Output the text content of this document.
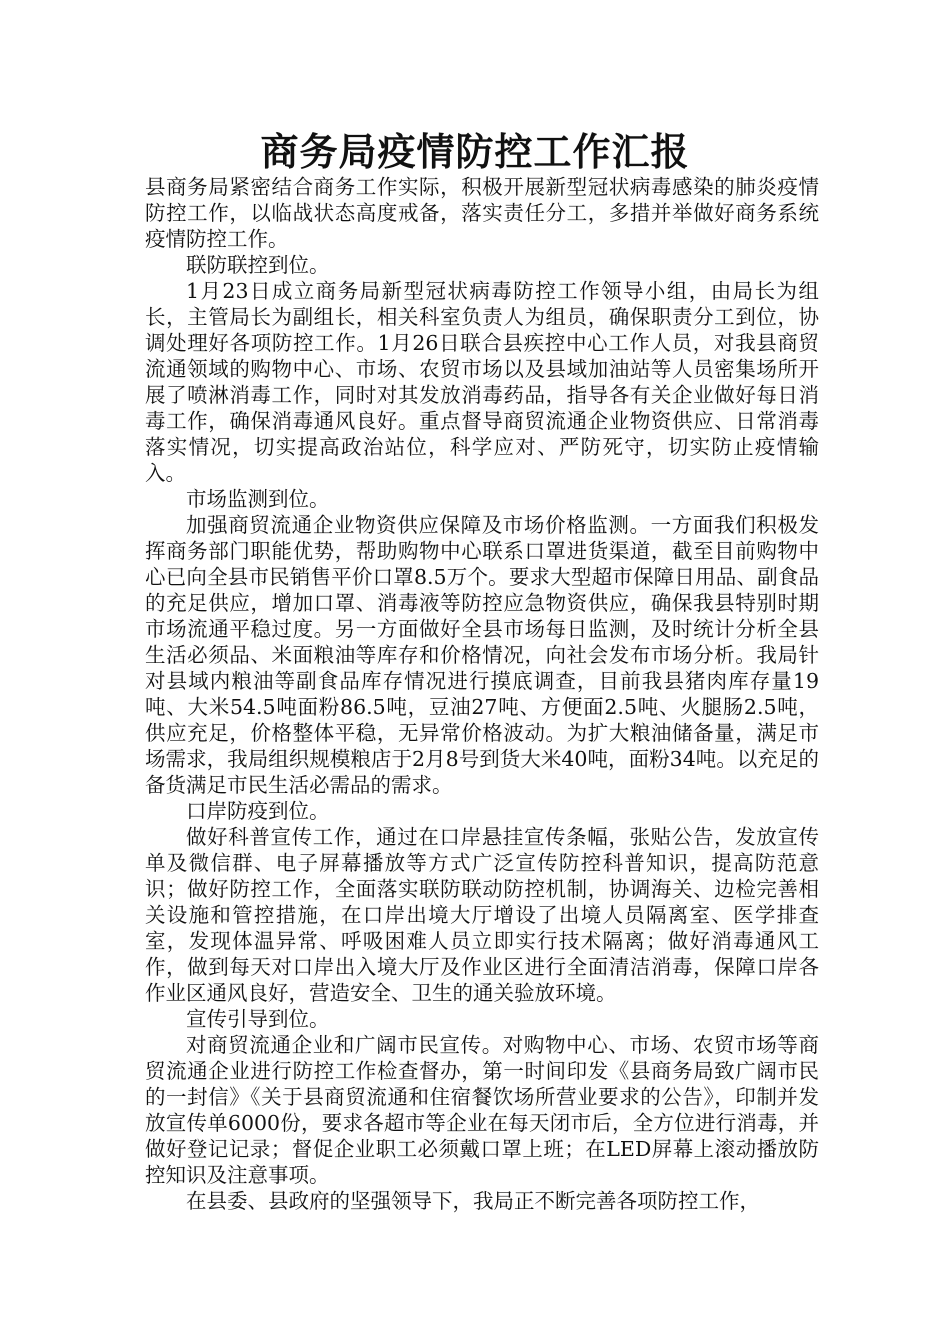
商务局疫情防控工作汇报

县商务局紧密结合商务工作实际，积极开展新型冠状病毒感染的肺炎疫情防控工作，以临战状态高度戒备，落实责任分工，多措并举做好商务系统疫情防控工作。

联防联控到位。

1月23日成立商务局新型冠状病毒防控工作领导小组，由局长为组长，主管局长为副组长，相关科室负责人为组员，确保职责分工到位，协调处理好各项防控工作。1月26日联合县疾控中心工作人员，对我县商贸流通领域的购物中心、市场、农贸市场以及县域加油站等人员密集场所开展了喷淋消毒工作，同时对其发放消毒药品，指导各有关企业做好每日消毒工作，确保消毒通风良好。重点督导商贸流通企业物资供应、日常消毒落实情况，切实提高政治站位，科学应对、严防死守，切实防止疫情输入。

市场监测到位。

加强商贸流通企业物资供应保障及市场价格监测。一方面我们积极发挥商务部门职能优势，帮助购物中心联系口罩进货渠道，截至目前购物中心已向全县市民销售平价口罩8.5万个。要求大型超市保障日用品、副食品的充足供应，增加口罩、消毒液等防控应急物资供应，确保我县特别时期市场流通平稳过度。另一方面做好全县市场每日监测，及时统计分析全县生活必须品、米面粮油等库存和价格情况，向社会发布市场分析。我局针对县域内粮油等副食品库存情况进行摸底调查，目前我县猪肉库存量19吨、大米54.5吨面粉86.5吨，豆油27吨、方便面2.5吨、火腿肠2.5吨，供应充足，价格整体平稳，无异常价格波动。为扩大粮油储备量，满足市场需求，我局组织规模粮店于2月8号到货大米40吨，面粉34吨。以充足的备货满足市民生活必需品的需求。

口岸防疫到位。

做好科普宣传工作，通过在口岸悬挂宣传条幅，张贴公告，发放宣传单及微信群、电子屏幕播放等方式广泛宣传防控科普知识，提高防范意识；做好防控工作，全面落实联防联动防控机制，协调海关、边检完善相关设施和管控措施，在口岸出境大厅增设了出境人员隔离室、医学排查室，发现体温异常、呼吸困难人员立即实行技术隔离；做好消毒通风工作，做到每天对口岸出入境大厅及作业区进行全面清洁消毒，保障口岸各作业区通风良好，营造安全、卫生的通关验放环境。

宣传引导到位。

对商贸流通企业和广阔市民宣传。对购物中心、市场、农贸市场等商贸流通企业进行防控工作检查督办，第一时间印发《县商务局致广阔市民的一封信》《关于县商贸流通和住宿餐饮场所营业要求的公告》，印制并发放宣传单6000份，要求各超市等企业在每天闭市后，全方位进行消毒，并做好登记记录；督促企业职工必须戴口罩上班；在LED屏幕上滚动播放防控知识及注意事项。

在县委、县政府的坚强领导下，我局正不断完善各项防控工作，
